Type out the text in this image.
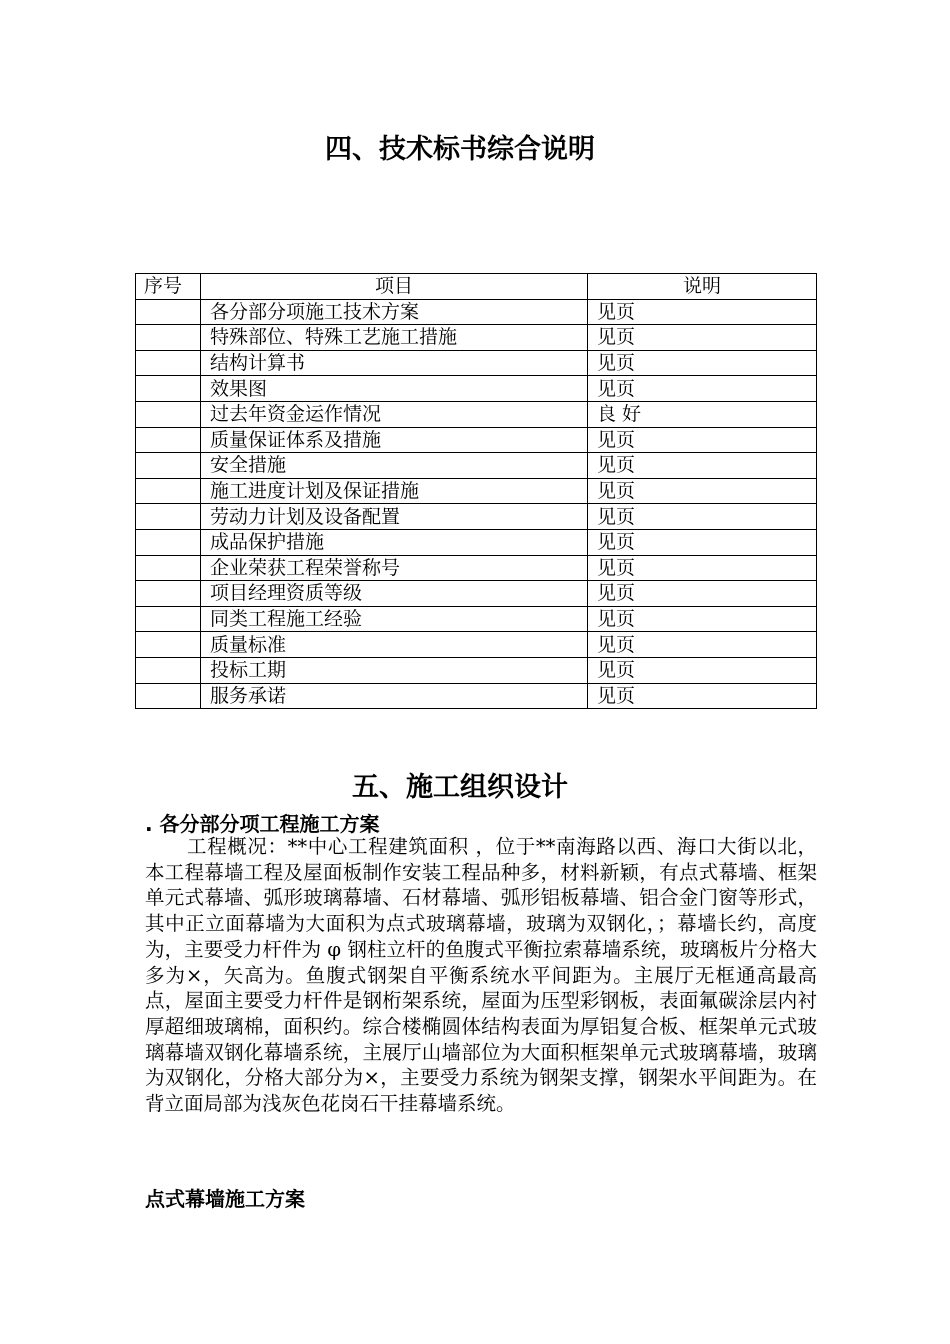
四、技术标书综合说明
序号	项目	说明
	各分部分项施工技术方案	见页
	特殊部位、特殊工艺施工措施	见页
	结构计算书	见页
	效果图	见页
	过去年资金运作情况	良 好
	质量保证体系及措施	见页
	安全措施	见页
	施工进度计划及保证措施	见页
	劳动力计划及设备配置	见页
	成品保护措施	见页
	企业荣获工程荣誉称号	见页
	项目经理资质等级	见页
	同类工程施工经验	见页
	质量标准	见页
	投标工期	见页
	服务承诺	见页
五、施工组织设计
. 各分部分项工程施工方案

工程概况：**中心工程建筑面积 ，位于**南海路以西、海口大街以北，本工程幕墙工程及屋面板制作安装工程品种多，材料新颖，有点式幕墙、框架单元式幕墙、弧形玻璃幕墙、石材幕墙、弧形铝板幕墙、铝合金门窗等形式，其中正立面幕墙为大面积为点式玻璃幕墙，玻璃为双钢化，；幕墙长约，高度为，主要受力杆件为 φ 钢柱立杆的鱼腹式平衡拉索幕墙系统，玻璃板片分格大多为×，矢高为。鱼腹式钢架自平衡系统水平间距为。主展厅无框通高最高点，屋面主要受力杆件是钢桁架系统，屋面为压型彩钢板，表面氟碳涂层内衬厚超细玻璃棉，面积约。综合楼椭圆体结构表面为厚铝复合板、框架单元式玻璃幕墙双钢化幕墙系统，主展厅山墙部位为大面积框架单元式玻璃幕墙，玻璃为双钢化，分格大部分为×，主要受力系统为钢架支撑，钢架水平间距为。在背立面局部为浅灰色花岗石干挂幕墙系统。

点式幕墙施工方案
